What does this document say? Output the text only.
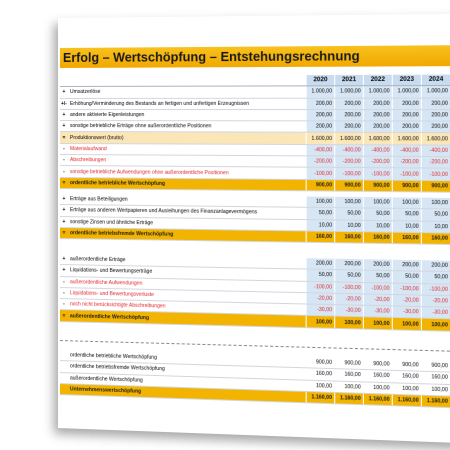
Erfolg – Wertschöpfung – Entstehungsrechnung
		2020	2021	2022	2023	2024
+	Umsatzerlöse	1.000,00	1.000,00	1.000,00	1.000,00	1.000,00
+/-	Erhöhung/Verminderung des Bestands an fertigen und unfertigen Erzeugnissen	200,00	200,00	200,00	200,00	200,00
+	andere aktivierte Eigenleistungen	200,00	200,00	200,00	200,00	200,00
+	sonstige betriebliche Erträge ohne außerordentliche Positionen	200,00	200,00	200,00	200,00	200,00
=	Produktionswert (brutto)	1.600,00	1.600,00	1.600,00	1.600,00	1.600,00
-	Materialaufwand	-400,00	-400,00	-400,00	-400,00	-400,00
-	Abschreibungen	-200,00	-200,00	-200,00	-200,00	-200,00
-	sonstige betriebliche Aufwendungen ohne außerordentliche Positionen	-100,00	-100,00	-100,00	-100,00	-100,00
=	ordentliche betriebliche Wertschöpfung	900,00	900,00	900,00	900,00	900,00
+	Erträge aus Beteiligungen	100,00	100,00	100,00	100,00	100,00
+	Erträge aus anderen Wertpapieren und Ausleihungen des Finanzanlagevermögens	50,00	50,00	50,00	50,00	50,00
+	sonstige Zinsen und ähnliche Erträge	10,00	10,00	10,00	10,00	10,00
=	ordentliche betriebsfremde Wertschöpfung	160,00	160,00	160,00	160,00	160,00
+	außerordentliche Erträge	200,00	200,00	200,00	200,00	200,00
+	Liquidations- und Bewertungserträge	50,00	50,00	50,00	50,00	50,00
-	außerordentliche Aufwendungen	-100,00	-100,00	-100,00	-100,00	-100,00
-	Liquidations- und Bewertungsverluste	-20,00	-20,00	-20,00	-20,00	-20,00
-	noch nicht berücksichtigte Abschreibungen	-30,00	-30,00	-30,00	-30,00	-30,00
=	außerordentliche Wertschöpfung	100,00	100,00	100,00	100,00	100,00
	ordentliche betriebliche Wertschöpfung	900,00	900,00	900,00	900,00	900,00
	ordentliche betriebsfremde Wertschöpfung	160,00	160,00	160,00	160,00	160,00
	außerordentliche Wertschöpfung	100,00	100,00	100,00	100,00	100,00
	Unternehmenswertschöpfung	1.160,00	1.160,00	1.160,00	1.160,00	1.160,00
